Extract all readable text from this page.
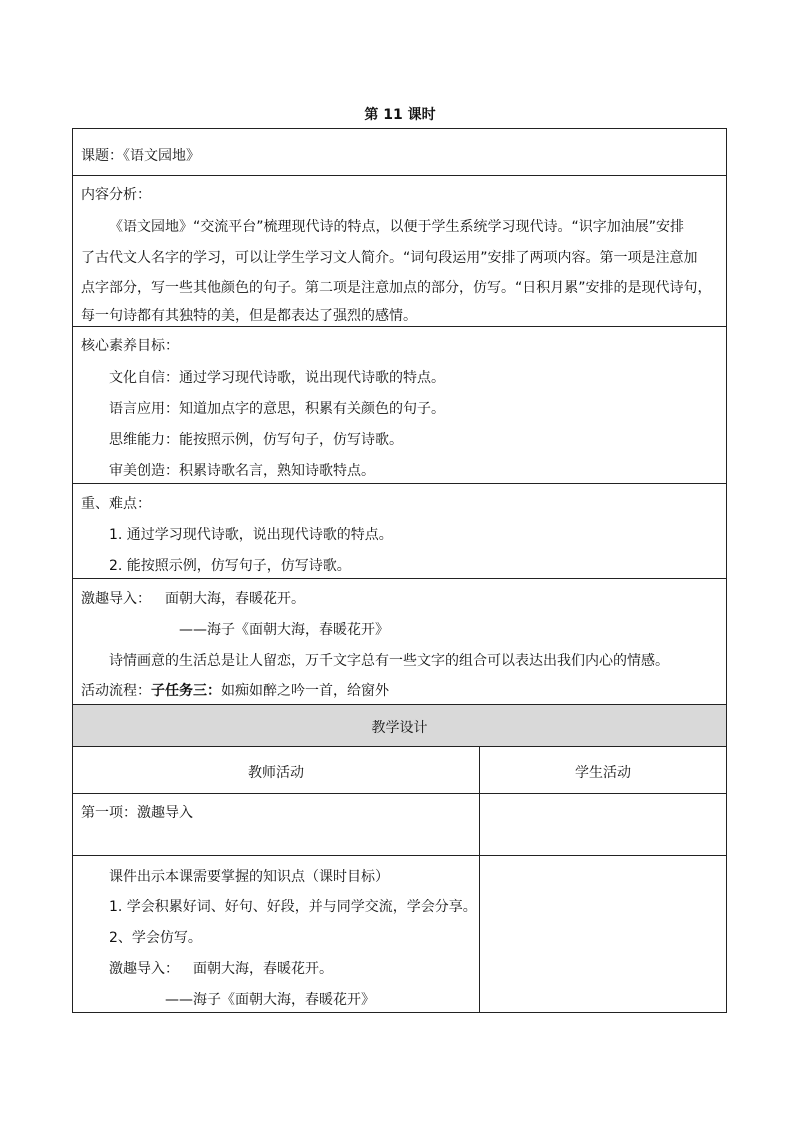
第 11 课时
课题：《语文园地》
内容分析：
《语文园地》“交流平台”梳理现代诗的特点，以便于学生系统学习现代诗。“识字加油展”安排
了古代文人名字的学习，可以让学生学习文人简介。“词句段运用”安排了两项内容。第一项是注意加
点字部分，写一些其他颜色的句子。第二项是注意加点的部分，仿写。“日积月累”安排的是现代诗句，
每一句诗都有其独特的美，但是都表达了强烈的感情。
核心素养目标：
文化自信：通过学习现代诗歌，说出现代诗歌的特点。
语言应用：知道加点字的意思，积累有关颜色的句子。
思维能力：能按照示例，仿写句子，仿写诗歌。
审美创造：积累诗歌名言，熟知诗歌特点。
重、难点：
1. 通过学习现代诗歌，说出现代诗歌的特点。
2. 能按照示例，仿写句子，仿写诗歌。
激趣导入： 面朝大海，春暖花开。
——海子《面朝大海，春暖花开》
诗情画意的生活总是让人留恋，万千文字总有一些文字的组合可以表达出我们内心的情感。
活动流程：子任务三：如痴如醉之吟一首，给窗外
教学设计
教师活动	学生活动
第一项：激趣导入
课件出示本课需要掌握的知识点（课时目标）
1. 学会积累好词、好句、好段，并与同学交流，学会分享。
2、学会仿写。
激趣导入： 面朝大海，春暖花开。
——海子《面朝大海，春暖花开》
